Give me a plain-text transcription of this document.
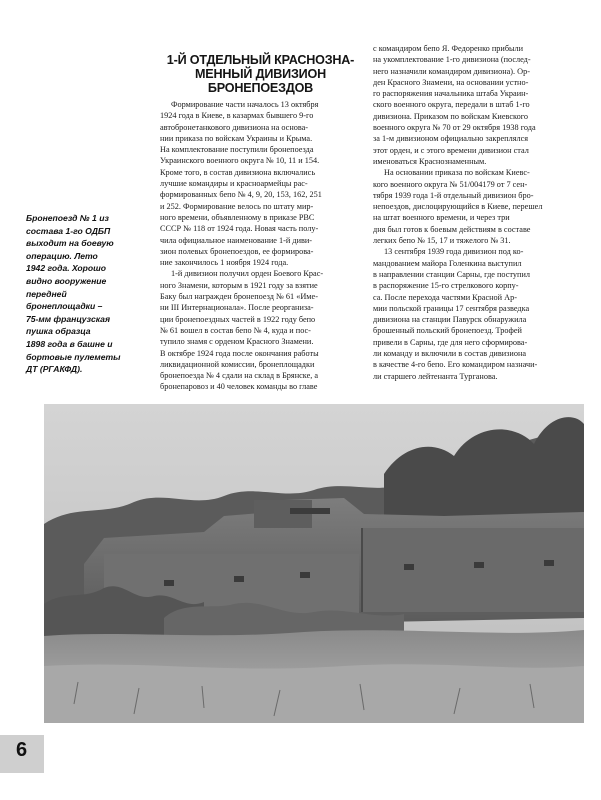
Бронепоезд № 1 из
состава 1-го ОДБП
выходит на боевую
операцию. Лето
1942 года. Хорошо
видно вооружение
передней
бронеплощадки –
75-мм французская
пушка образца
1898 года в башне и
бортовые пулеметы
ДТ (РГАКФД).
1-Й ОТДЕЛЬНЫЙ КРАСНОЗНА-
МЕННЫЙ ДИВИЗИОН
БРОНЕПОЕЗДОВ

Формирование части началось 13 октября
1924 года в Киеве, в казармах бывшего 9-го
автобронетанкового дивизиона на основа-
нии приказа по войскам Украины и Крыма.
На комплектование поступили бронепоезда
Украинского военного округа № 10, 11 и 154.
Кроме того, в состав дивизиона включались
лучшие командиры и красноармейцы рас-
формированных бепо № 4, 9, 20, 153, 162, 251
и 252. Формирование велось по штату мир-
ного времени, объявленному в приказе РВС
СССР № 118 от 1924 года. Новая часть полу-
чила официальное наименование 1-й диви-
зион полевых бронепоездов, ее формирова-
ние закончилось 1 ноября 1924 года.

1-й дивизион получил орден Боевого Крас-
ного Знамени, которым в 1921 году за взятие
Баку был награжден бронепоезд № 61 «Име-
ни III Интернационала». После реорганиза-
ции бронепоездных частей в 1922 году бепо
№ 61 вошел в состав бепо № 4, куда и пос-
тупило знамя с орденом Красного Знамени.
В октябре 1924 года после окончания работы
ликвидационной комиссии, бронеплощадки
бронепоезда № 4 сдали на склад в Брянске, а
бронепаровоз и 40 человек команды во главе

с командиром бепо Я. Федоренко прибыли
на укомплектование 1-го дивизиона (послед-
него назначили командиром дивизиона). Ор-
ден Красного Знамени, на основании устно-
го распоряжения начальника штаба Украин-
ского военного округа, передали в штаб 1-го
дивизиона. Приказом по войскам Киевского
военного округа № 70 от 29 октября 1938 года
за 1-м дивизионом официально закреплялся
этот орден, и с этого времени дивизион стал
именоваться Краснознаменным.

На основании приказа по войскам Киевс-
кого военного округа № 51/004179 от 7 сен-
тября 1939 года 1-й отдельный дивизион бро-
непоездов, дислоцирующийся в Киеве, перешел
на штат военного времени, и через три
дня был готов к боевым действиям в составе
легких бепо № 15, 17 и тяжелого № 31.

13 сентября 1939 года дивизион под ко-
мандованием майора Голенкина выступил
в направлении станции Сарны, где поступил
в распоряжение 15-го стрелкового корпу-
са. После перехода частями Красной Ар-
мии польской границы 17 сентября разведка
дивизиона на станции Павурск обнаружила
брошенный польский бронепоезд. Трофей
привели в Сарны, где для него сформирова-
ли команду и включили в состав дивизиона
в качестве 4-го бепо. Его командиром назначи-
ли старшего лейтенанта Турганова.

6
